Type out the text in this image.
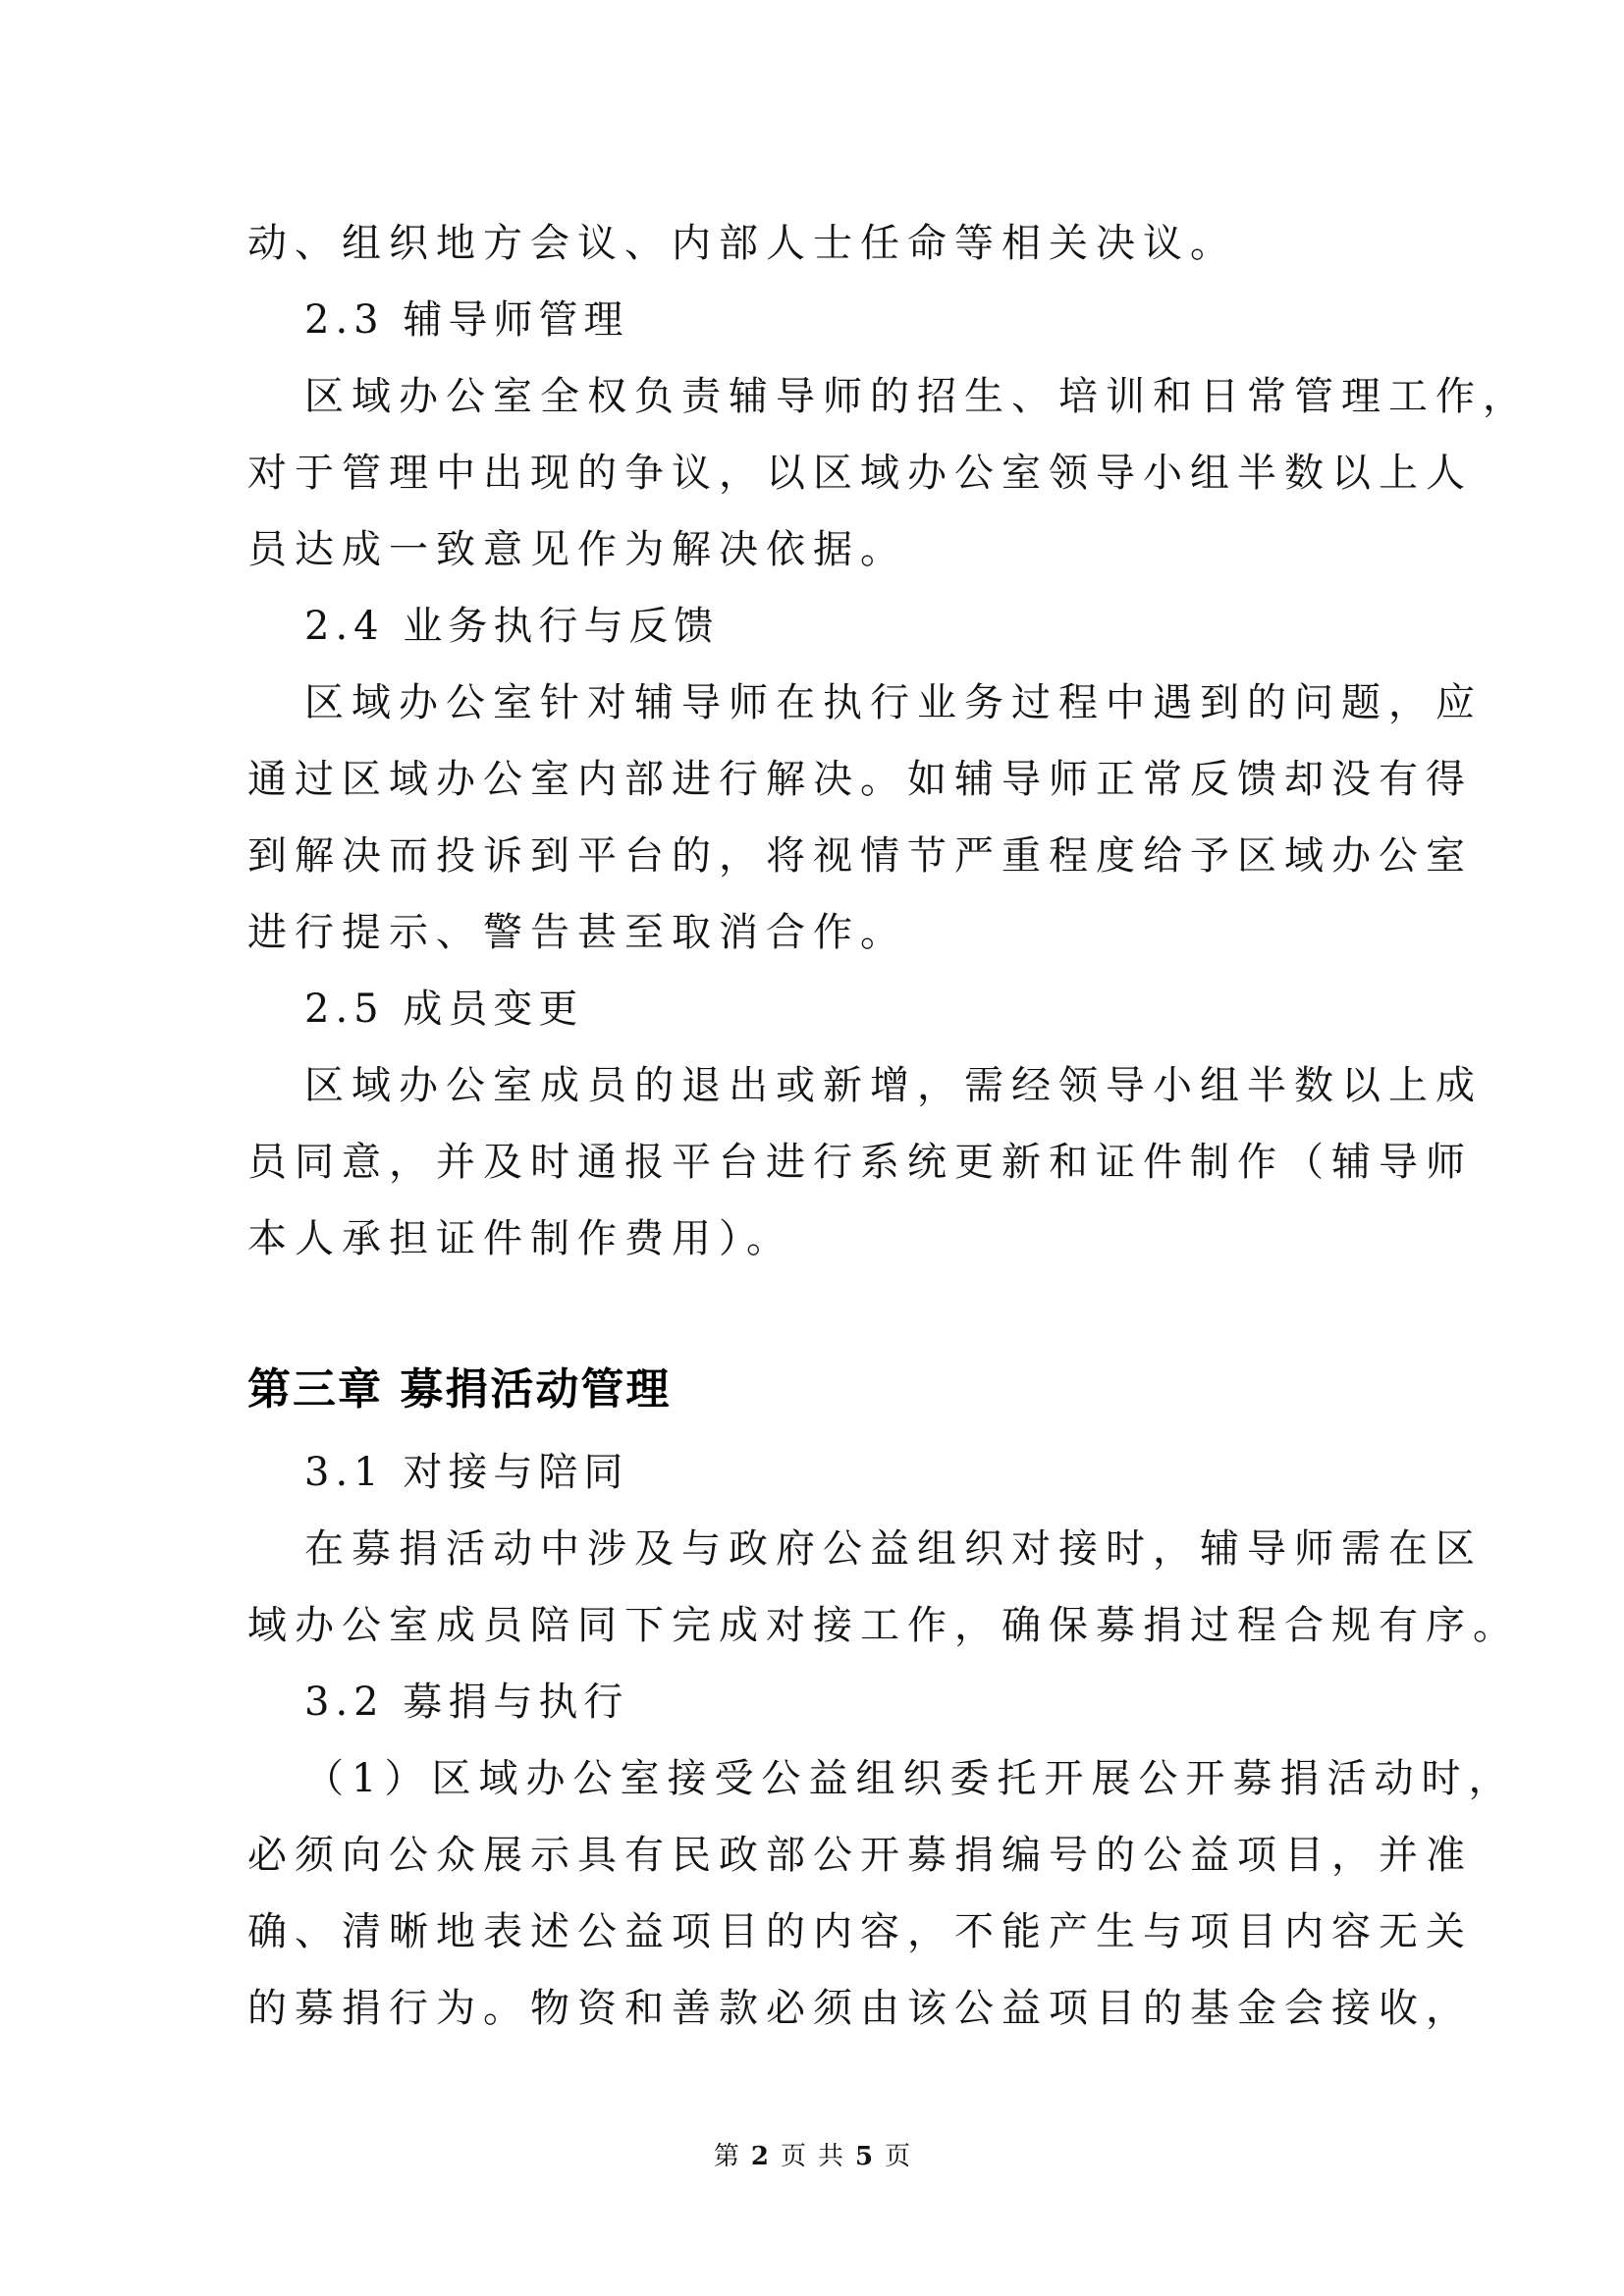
动、组织地方会议、内部人士任命等相关决议。
2.3 辅导师管理
区域办公室全权负责辅导师的招生、培训和日常管理工作，
对于管理中出现的争议，以区域办公室领导小组半数以上人
员达成一致意见作为解决依据。
2.4 业务执行与反馈
区域办公室针对辅导师在执行业务过程中遇到的问题，应
通过区域办公室内部进行解决。如辅导师正常反馈却没有得
到解决而投诉到平台的，将视情节严重程度给予区域办公室
进行提示、警告甚至取消合作。
2.5 成员变更
区域办公室成员的退出或新增，需经领导小组半数以上成
员同意，并及时通报平台进行系统更新和证件制作（辅导师
本人承担证件制作费用）。
第三章 募捐活动管理
3.1 对接与陪同
在募捐活动中涉及与政府公益组织对接时，辅导师需在区
域办公室成员陪同下完成对接工作，确保募捐过程合规有序。
3.2 募捐与执行
（1）区域办公室接受公益组织委托开展公开募捐活动时，
必须向公众展示具有民政部公开募捐编号的公益项目，并准
确、清晰地表述公益项目的内容，不能产生与项目内容无关
的募捐行为。物资和善款必须由该公益项目的基金会接收，
第 2 页 共 5 页
